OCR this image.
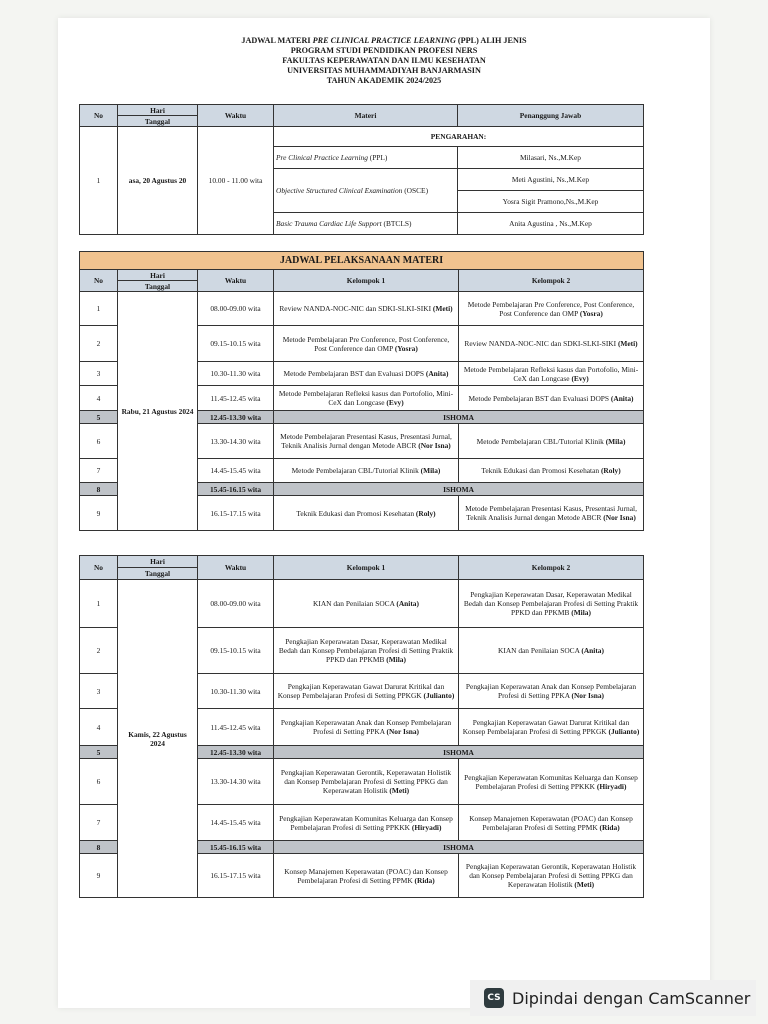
JADWAL MATERI PRE CLINICAL PRACTICE LEARNING (PPL) ALIH JENIS
PROGRAM STUDI PENDIDIKAN PROFESI NERS
FAKULTAS KEPERAWATAN DAN ILMU KESEHATAN
UNIVERSITAS MUHAMMADIYAH BANJARMASIN
TAHUN AKADEMIK 2024/2025
No	Hari	Waktu	Materi	Penanggung Jawab
	Tanggal			
1	asa, 20 Agustus 20	10.00 - 11.00 wita	PENGARAHAN:	
			Pre Clinical Practice Learning (PPL)	Milasari, Ns.,M.Kep
			Objective Structured Clinical Examination (OSCE)	Meti Agustini, Ns.,M.Kep
				Yosra Sigit Pramono,Ns.,M.Kep
			Basic Trauma Cardiac Life Support (BTCLS)	Anita Agustina , Ns.,M.Kep
JADWAL PELAKSANAAN MATERI				
No	Hari	Waktu	Kelompok 1	Kelompok 2
	Tanggal			
1	Rabu, 21 Agustus 2024	08.00-09.00 wita	Review NANDA-NOC-NIC dan SDKI-SLKI-SIKI (Meti)	Metode Pembelajaran Pre Conference, Post Conference, Post Conference dan OMP (Yosra)
2		09.15-10.15 wita	Metode Pembelajaran Pre Conference, Post Conference, Post Conference dan OMP (Yosra)	Review NANDA-NOC-NIC dan SDKI-SLKI-SIKI (Meti)
3		10.30-11.30 wita	Metode Pembelajaran BST dan Evaluasi DOPS (Anita)	Metode Pembelajaran Refleksi kasus dan Portofolio, Mini-CeX dan Longcase (Evy)
4		11.45-12.45 wita	Metode Pembelajaran Refleksi kasus dan Portofolio, Mini-CeX dan Longcase (Evy)	Metode Pembelajaran BST dan Evaluasi DOPS (Anita)
5		12.45-13.30 wita	ISHOMA	
6		13.30-14.30 wita	Metode Pembelajaran Presentasi Kasus, Presentasi Jurnal, Teknik Analisis Jurnal dengan Metode ABCR (Nor Isna)	Metode Pembelajaran CBL/Tutorial Klinik (Mila)
7		14.45-15.45 wita	Metode Pembelajaran CBL/Tutorial Klinik (Mila)	Teknik Edukasi dan Promosi Kesehatan (Roly)
8		15.45-16.15 wita	ISHOMA	
9		16.15-17.15 wita	Teknik Edukasi dan Promosi Kesehatan (Roly)	Metode Pembelajaran Presentasi Kasus, Presentasi Jurnal, Teknik Analisis Jurnal dengan Metode ABCR (Nor Isna)
No	Hari	Waktu	Kelompok 1	Kelompok 2
	Tanggal			
1	Kamis, 22 Agustus 2024	08.00-09.00 wita	KIAN dan Penilaian SOCA (Anita)	Pengkajian Keperawatan Dasar, Keperawatan Medikal Bedah dan Konsep Pembelajaran Profesi di Setting Praktik PPKD dan PPKMB (Mila)
2		09.15-10.15 wita	Pengkajian Keperawatan Dasar, Keperawatan Medikal Bedah dan Konsep Pembelajaran Profesi di Setting Praktik PPKD dan PPKMB (Mila)	KIAN dan Penilaian SOCA (Anita)
3		10.30-11.30 wita	Pengkajian Keperawatan Gawat Darurat Kritikal dan Konsep Pembelajaran Profesi di Setting PPKGK (Julianto)	Pengkajian Keperawatan Anak dan Konsep Pembelajaran Profesi di Setting PPKA (Nor Isna)
4		11.45-12.45 wita	Pengkajian Keperawatan Anak dan Konsep Pembelajaran Profesi di Setting PPKA (Nor Isna)	Pengkajian Keperawatan Gawat Darurat Kritikal dan Konsep Pembelajaran Profesi di Setting PPKGK (Julianto)
5		12.45-13.30 wita	ISHOMA	
6		13.30-14.30 wita	Pengkajian Keperawatan Gerontik, Keperawatan Holistik dan Konsep Pembelajaran Profesi di Setting PPKG dan Keperawatan Holistik (Meti)	Pengkajian Keperawatan Komunitas Keluarga dan Konsep Pembelajaran Profesi di Setting PPKKK (Hiryadi)
7		14.45-15.45 wita	Pengkajian Keperawatan Komunitas Keluarga dan Konsep Pembelajaran Profesi di Setting PPKKK (Hiryadi)	Konsep Manajemen Keperawatan (POAC) dan Konsep Pembelajaran Profesi di Setting PPMK (Rida)
8		15.45-16.15 wita	ISHOMA	
9		16.15-17.15 wita	Konsep Manajemen Keperawatan (POAC) dan Konsep Pembelajaran Profesi di Setting PPMK (Rida)	Pengkajian Keperawatan Gerontik, Keperawatan Holistik dan Konsep Pembelajaran Profesi di Setting PPKG dan Keperawatan Holistik (Meti)
CS Dipindai dengan CamScanner
